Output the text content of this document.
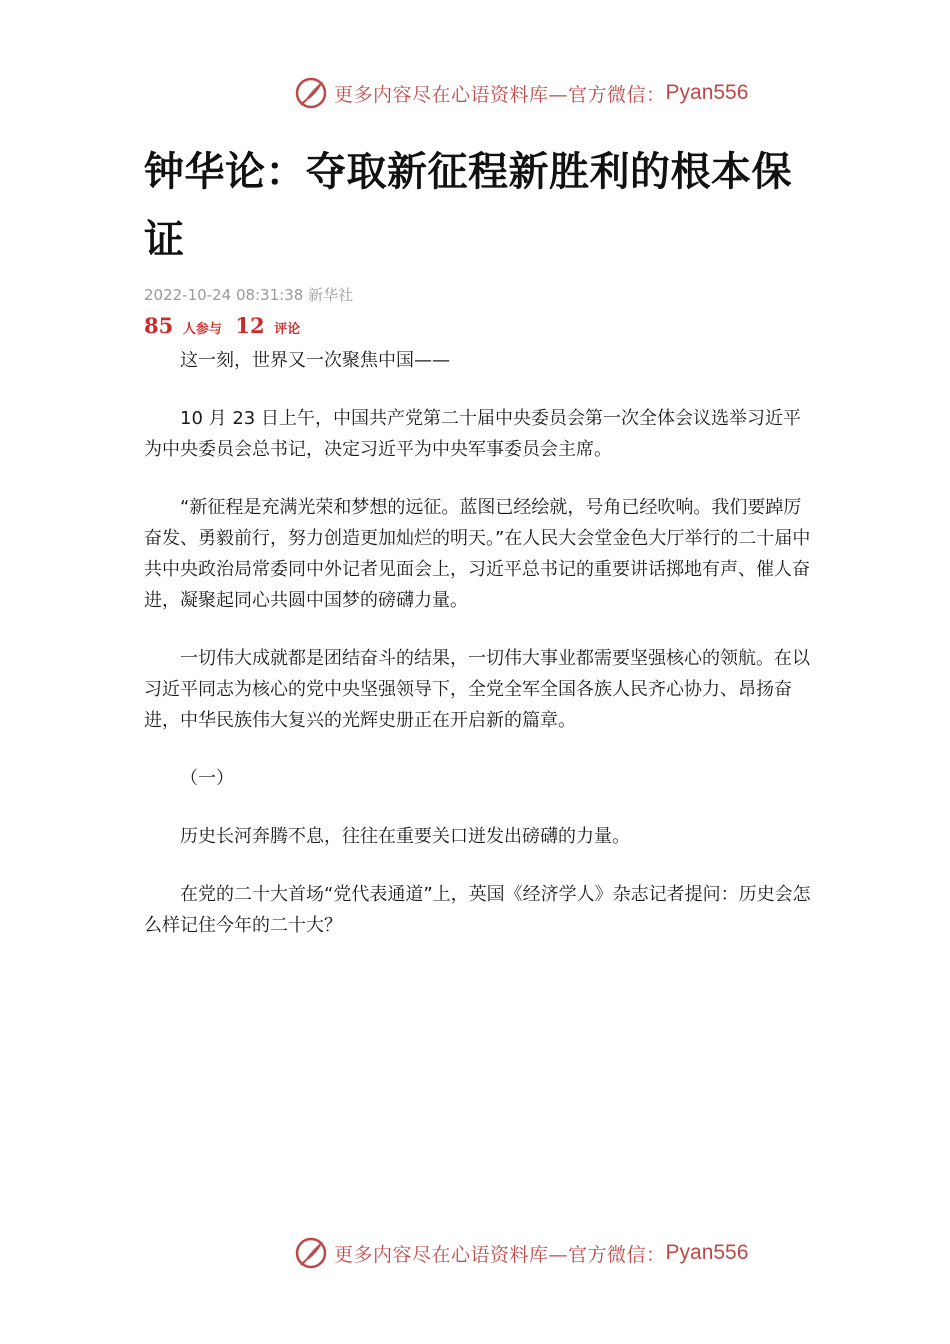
更多内容尽在心语资料库—官方微信： Pyan556
钟华论：夺取新征程新胜利的根本保证
2022-10-24 08:31:38 新华社
85 人参与 12 评论

这一刻，世界又一次聚焦中国——

10 月 23 日上午，中国共产党第二十届中央委员会第一次全体会议选举习近平为中央委员会总书记，决定习近平为中央军事委员会主席。

“新征程是充满光荣和梦想的远征。蓝图已经绘就，号角已经吹响。我们要踔厉奋发、勇毅前行，努力创造更加灿烂的明天。”在人民大会堂金色大厅举行的二十届中共中央政治局常委同中外记者见面会上，习近平总书记的重要讲话掷地有声、催人奋进，凝聚起同心共圆中国梦的磅礴力量。

一切伟大成就都是团结奋斗的结果，一切伟大事业都需要坚强核心的领航。在以习近平同志为核心的党中央坚强领导下，全党全军全国各族人民齐心协力、昂扬奋进，中华民族伟大复兴的光辉史册正在开启新的篇章。

（一）

历史长河奔腾不息，往往在重要关口迸发出磅礴的力量。

在党的二十大首场“党代表通道”上，英国《经济学人》杂志记者提问：历史会怎么样记住今年的二十大？

更多内容尽在心语资料库—官方微信： Pyan556
